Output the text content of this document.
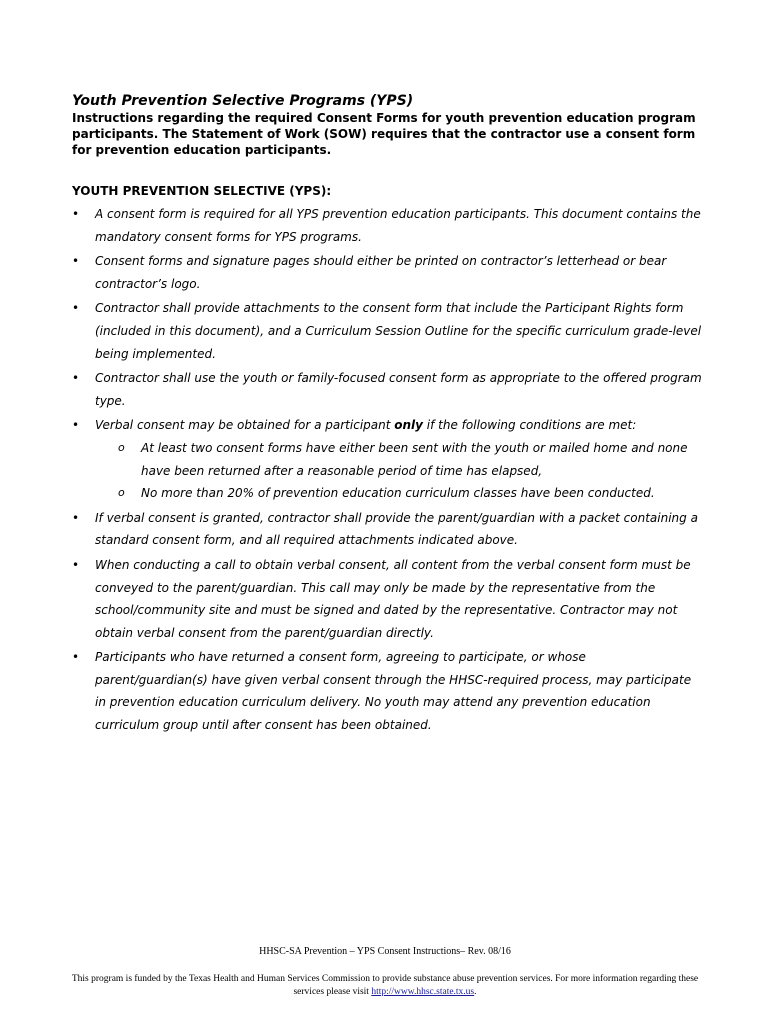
Youth Prevention Selective Programs (YPS)

Instructions regarding the required Consent Forms for youth prevention education program participants. The Statement of Work (SOW) requires that the contractor use a consent form for prevention education participants.

YOUTH PREVENTION SELECTIVE (YPS):
• A consent form is required for all YPS prevention education participants. This document contains the mandatory consent forms for YPS programs.
• Consent forms and signature pages should either be printed on contractor’s letterhead or bear contractor’s logo.
• Contractor shall provide attachments to the consent form that include the Participant Rights form (included in this document), and a Curriculum Session Outline for the specific curriculum grade-level being implemented.
• Contractor shall use the youth or family-focused consent form as appropriate to the offered program type.
• Verbal consent may be obtained for a participant only if the following conditions are met:
o At least two consent forms have either been sent with the youth or mailed home and none have been returned after a reasonable period of time has elapsed,
o No more than 20% of prevention education curriculum classes have been conducted.
• If verbal consent is granted, contractor shall provide the parent/guardian with a packet containing a standard consent form, and all required attachments indicated above.
• When conducting a call to obtain verbal consent, all content from the verbal consent form must be conveyed to the parent/guardian. This call may only be made by the representative from the school/community site and must be signed and dated by the representative. Contractor may not obtain verbal consent from the parent/guardian directly.
• Participants who have returned a consent form, agreeing to participate, or whose parent/guardian(s) have given verbal consent through the HHSC-required process, may participate in prevention education curriculum delivery. No youth may attend any prevention education curriculum group until after consent has been obtained.
HHSC-SA Prevention – YPS Consent Instructions– Rev. 08/16
This program is funded by the Texas Health and Human Services Commission to provide substance abuse prevention services. For more information regarding these services please visit http://www.hhsc.state.tx.us.
